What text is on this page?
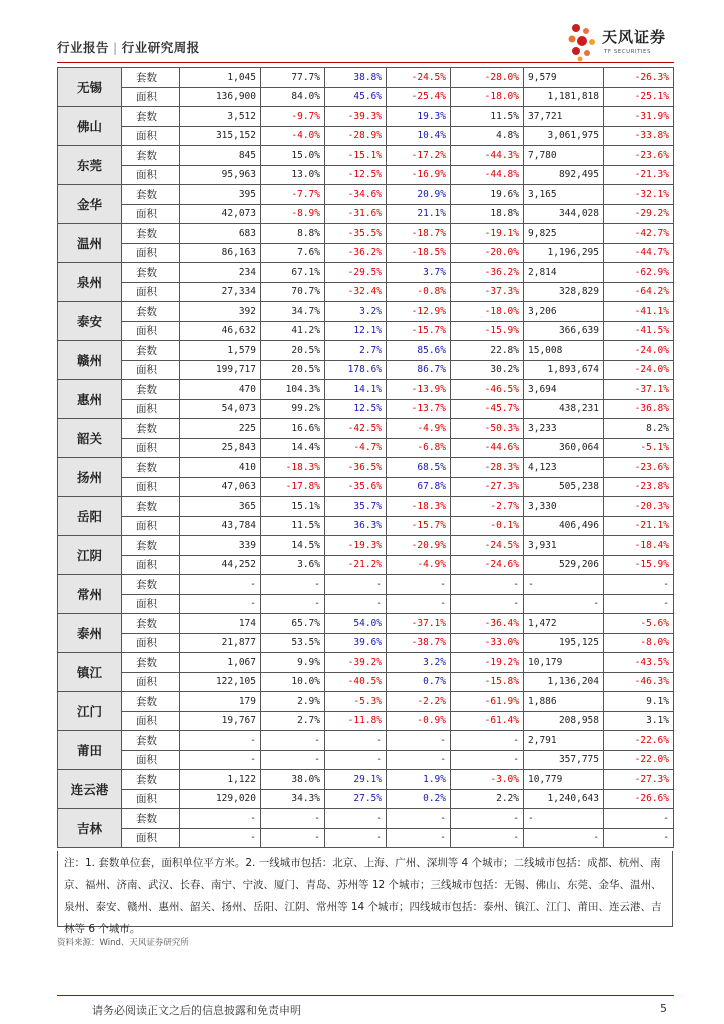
行业报告 | 行业研究周报
天风证券
TF SECURITIES
无锡	套数	1,045	77.7%	38.8%	-24.5%	-28.0%	9,579	-26.3%
	面积	136,900	84.0%	45.6%	-25.4%	-18.0%	1,181,818	-25.1%
佛山	套数	3,512	-9.7%	-39.3%	19.3%	11.5%	37,721	-31.9%
	面积	315,152	-4.0%	-28.9%	10.4%	4.8%	3,061,975	-33.8%
东莞	套数	845	15.0%	-15.1%	-17.2%	-44.3%	7,780	-23.6%
	面积	95,963	13.0%	-12.5%	-16.9%	-44.8%	892,495	-21.3%
金华	套数	395	-7.7%	-34.6%	20.9%	19.6%	3,165	-32.1%
	面积	42,073	-8.9%	-31.6%	21.1%	18.8%	344,028	-29.2%
温州	套数	683	8.8%	-35.5%	-18.7%	-19.1%	9,825	-42.7%
	面积	86,163	7.6%	-36.2%	-18.5%	-20.0%	1,196,295	-44.7%
泉州	套数	234	67.1%	-29.5%	3.7%	-36.2%	2,814	-62.9%
	面积	27,334	70.7%	-32.4%	-0.8%	-37.3%	328,829	-64.2%
泰安	套数	392	34.7%	3.2%	-12.9%	-18.0%	3,206	-41.1%
	面积	46,632	41.2%	12.1%	-15.7%	-15.9%	366,639	-41.5%
赣州	套数	1,579	20.5%	2.7%	85.6%	22.8%	15,008	-24.0%
	面积	199,717	20.5%	178.6%	86.7%	30.2%	1,893,674	-24.0%
惠州	套数	470	104.3%	14.1%	-13.9%	-46.5%	3,694	-37.1%
	面积	54,073	99.2%	12.5%	-13.7%	-45.7%	438,231	-36.8%
韶关	套数	225	16.6%	-42.5%	-4.9%	-50.3%	3,233	8.2%
	面积	25,843	14.4%	-4.7%	-6.8%	-44.6%	360,064	-5.1%
扬州	套数	410	-18.3%	-36.5%	68.5%	-28.3%	4,123	-23.6%
	面积	47,063	-17.8%	-35.6%	67.8%	-27.3%	505,238	-23.8%
岳阳	套数	365	15.1%	35.7%	-18.3%	-2.7%	3,330	-20.3%
	面积	43,784	11.5%	36.3%	-15.7%	-0.1%	406,496	-21.1%
江阴	套数	339	14.5%	-19.3%	-20.9%	-24.5%	3,931	-18.4%
	面积	44,252	3.6%	-21.2%	-4.9%	-24.6%	529,206	-15.9%
常州	套数	-	-	-	-	-	-	-
	面积	-	-	-	-	-	-	-
泰州	套数	174	65.7%	54.0%	-37.1%	-36.4%	1,472	-5.6%
	面积	21,877	53.5%	39.6%	-38.7%	-33.0%	195,125	-8.0%
镇江	套数	1,067	9.9%	-39.2%	3.2%	-19.2%	10,179	-43.5%
	面积	122,105	10.0%	-40.5%	0.7%	-15.8%	1,136,204	-46.3%
江门	套数	179	2.9%	-5.3%	-2.2%	-61.9%	1,886	9.1%
	面积	19,767	2.7%	-11.8%	-0.9%	-61.4%	208,958	3.1%
莆田	套数	-	-	-	-	-	2,791	-22.6%
	面积	-	-	-	-	-	357,775	-22.0%
连云港	套数	1,122	38.0%	29.1%	1.9%	-3.0%	10,779	-27.3%
	面积	129,020	34.3%	27.5%	0.2%	2.2%	1,240,643	-26.6%
吉林	套数	-	-	-	-	-	-	-
	面积	-	-	-	-	-	-	-
注：1. 套数单位套，面积单位平方米。2. 一线城市包括：北京、上海、广州、深圳等 4 个城市；二线城市包括：成都、杭州、南京、福州、济南、武汉、长春、南宁、宁波、厦门、青岛、苏州等 12 个城市；三线城市包括：无锡、佛山、东莞、金华、温州、泉州、泰安、赣州、惠州、韶关、扬州、岳阳、江阴、常州等 14 个城市；四线城市包括：泰州、镇江、江门、莆田、连云港、吉林等 6 个城市。
资料来源：Wind、天风证券研究所
请务必阅读正文之后的信息披露和免责申明	5
